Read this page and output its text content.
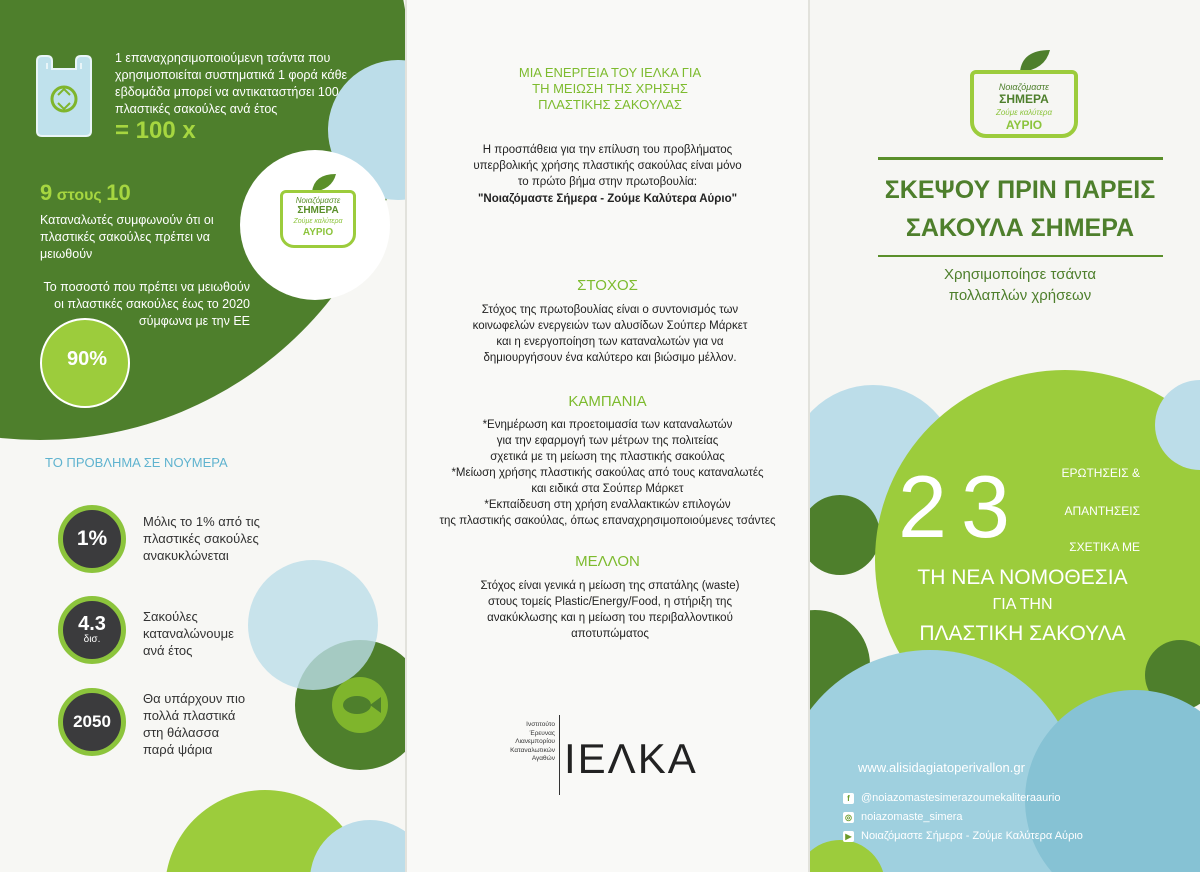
1 επαναχρησιμοποιούμενη τσάντα που χρησιμοποιείται συστηματικά 1 φορά κάθε εβδομάδα μπορεί να αντικαταστήσει 100 πλαστικές σακούλες ανά έτος
= 100 x
9 στους 10
Καταναλωτές συμφωνούν ότι οι πλαστικές σακούλες πρέπει να μειωθούν
Το ποσοστό που πρέπει να μειωθούν οι πλαστικές σακούλες έως το 2020 σύμφωνα με την ΕΕ
90%
Νοιαζόμαστε
ΣΗΜΕΡΑ
Ζούμε καλύτερα
ΑΥΡΙΟ
ΤΟ ΠΡΟΒΛΗΜΑ ΣΕ ΝΟΥΜΕΡΑ
1%
Μόλις το 1% από τις πλαστικές σακούλες ανακυκλώνεται
4.3
δισ.
Σακούλες καταναλώνουμε ανά έτος
2050
Θα υπάρχουν πιο πολλά πλαστικά στη θάλασσα παρά ψάρια
ΜΙΑ ΕΝΕΡΓΕΙΑ ΤΟΥ ΙΕΛΚΑ ΓΙΑ ΤΗ ΜΕΙΩΣΗ ΤΗΣ ΧΡΗΣΗΣ ΠΛΑΣΤΙΚΗΣ ΣΑΚΟΥΛΑΣ
Η προσπάθεια για την επίλυση του προβλήματος υπερβολικής χρήσης πλαστικής σακούλας είναι μόνο το πρώτο βήμα στην πρωτοβουλία:
"Νοιαζόμαστε Σήμερα - Ζούμε Καλύτερα Αύριο"
ΣΤΟΧΟΣ
Στόχος της πρωτοβουλίας είναι ο συντονισμός των κοινωφελών ενεργειών των αλυσίδων Σούπερ Μάρκετ και η ενεργοποίηση των καταναλωτών για να δημιουργήσουν ένα καλύτερο και βιώσιμο μέλλον.
ΚΑΜΠΑΝΙΑ
*Ενημέρωση και προετοιμασία των καταναλωτών
για την εφαρμογή των μέτρων της πολιτείας
σχετικά με τη μείωση της πλαστικής σακούλας
*Μείωση χρήσης πλαστικής σακούλας από τους καταναλωτές
και ειδικά στα Σούπερ Μάρκετ
*Εκπαίδευση στη χρήση εναλλακτικών επιλογών
της πλαστικής σακούλας, όπως επαναχρησιμοποιούμενες τσάντες
ΜΕΛΛΟΝ
Στόχος είναι γενικά η μείωση της σπατάλης (waste) στους τομείς Plastic/Energy/Food, η στήριξη της ανακύκλωσης και η μείωση του περιβαλλοντικού αποτυπώματος
Ινστιτούτο
Έρευνας
Λιανεμπορίου
Καταναλωτικών
Αγαθών ΙΕΛΚΑ
Νοιαζόμαστε
ΣΗΜΕΡΑ
Ζούμε καλύτερα
ΑΥΡΙΟ
ΣΚΕΨΟΥ ΠΡΙΝ ΠΑΡΕΙΣ
ΣΑΚΟΥΛΑ ΣΗΜΕΡΑ
Χρησιμοποίησε τσάντα
πολλαπλών χρήσεων
23	ΕΡΩΤΗΣΕΙΣ &
ΑΠΑΝΤΗΣΕΙΣ
ΣΧΕΤΙΚΑ ΜΕ
ΤΗ ΝΕΑ ΝΟΜΟΘΕΣΙΑ
ΓΙΑ ΤΗΝ
ΠΛΑΣΤΙΚΗ ΣΑΚΟΥΛΑ
www.alisidagiatoperivallon.gr
f	@noiazomastesimerazoumekaliteraaurio
◎ noiazomaste_simera
▶ Νοιαζόμαστε Σήμερα - Ζούμε Καλύτερα Αύριο
